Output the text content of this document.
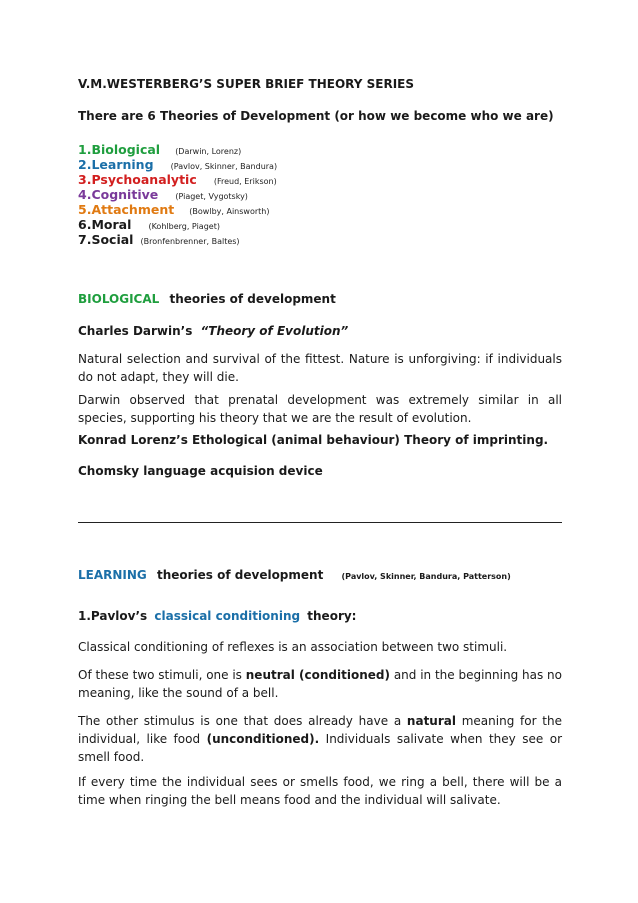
V.M.WESTERBERG’S SUPER BRIEF THEORY SERIES
There are 6 Theories of Development (or how we become who we are)
1.Biological (Darwin, Lorenz)
2.Learning (Pavlov, Skinner, Bandura)
3.Psychoanalytic (Freud, Erikson)
4.Cognitive (Piaget, Vygotsky)
5.Attachment (Bowlby, Ainsworth)
6.Moral (Kohlberg, Piaget)
7.Social (Bronfenbrenner, Baltes)
BIOLOGICAL theories of development
Charles Darwin’s “Theory of Evolution”
Natural selection and survival of the fittest. Nature is unforgiving: if individuals do not adapt, they will die.
Darwin observed that prenatal development was extremely similar in all species, supporting his theory that we are the result of evolution.
Konrad Lorenz’s Ethological (animal behaviour) Theory of imprinting.
Chomsky language acquision device
LEARNING theories of development (Pavlov, Skinner, Bandura, Patterson)
1.Pavlov’s classical conditioning theory:
Classical conditioning of reflexes is an association between two stimuli.
Of these two stimuli, one is neutral (conditioned) and in the beginning has no meaning, like the sound of a bell.
The other stimulus is one that does already have a natural meaning for the individual, like food (unconditioned). Individuals salivate when they see or smell food.
If every time the individual sees or smells food, we ring a bell, there will be a time when ringing the bell means food and the individual will salivate.
